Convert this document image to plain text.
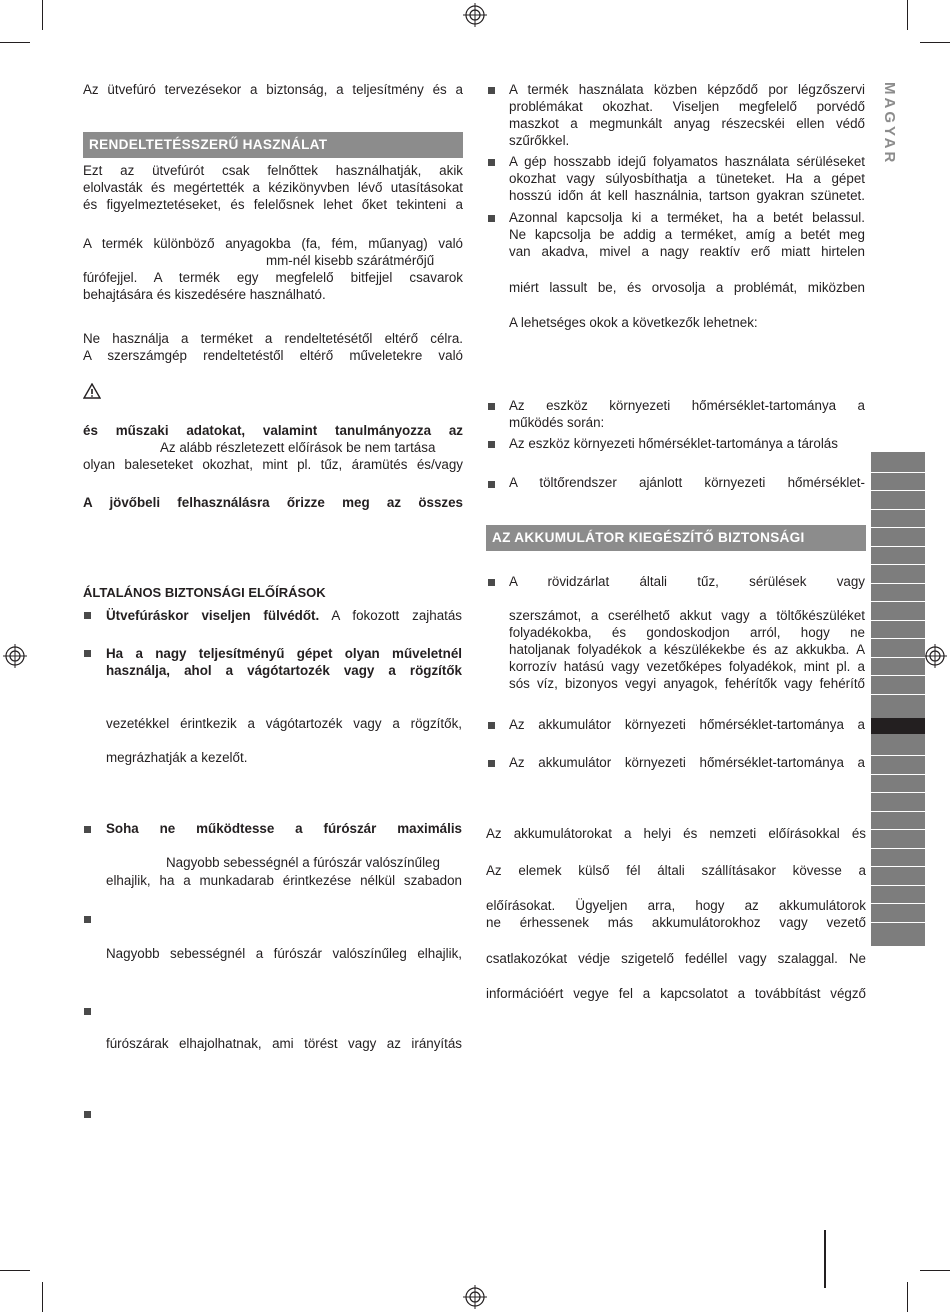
MAGYAR
Az ütvefúró tervezésekor a biztonság, a teljesítmény és a
RENDELTETÉSSZERŰ HASZNÁLAT
Ezt az ütvefúrót csak felnőttek használhatják, akik
elolvasták és megértették a kézikönyvben lévő utasításokat
és figyelmeztetéseket, és felelősnek lehet őket tekinteni a
A termék különböző anyagokba (fa, fém, műanyag) való
mm-nél kisebb szárátmérőjű
fúrófejjel. A termék egy megfelelő bitfejjel csavarok
behajtására és kiszedésére használható.
Ne használja a terméket a rendeltetésétől eltérő célra.
A szerszámgép rendeltetéstől eltérő műveletekre való
és műszaki adatokat, valamint tanulmányozza az
Az alább részletezett előírások be nem tartása
olyan baleseteket okozhat, mint pl. tűz, áramütés és/vagy
A jövőbeli felhasználásra őrizze meg az összes
ÁLTALÁNOS BIZTONSÁGI ELŐÍRÁSOK
Ütvefúráskor viseljen fülvédőt. A fokozott zajhatás
Ha a nagy teljesítményű gépet olyan műveletnél
használja, ahol a vágótartozék vagy a rögzítők
vezetékkel érintkezik a vágótartozék vagy a rögzítők,
megrázhatják a kezelőt.
Soha ne működtesse a fúrószár maximális
Nagyobb sebességnél a fúrószár valószínűleg
elhajlik, ha a munkadarab érintkezése nélkül szabadon
Nagyobb sebességnél a fúrószár valószínűleg elhajlik,
fúrószárak elhajolhatnak, ami törést vagy az irányítás
A termék használata közben képződő por légzőszervi
problémákat okozhat. Viseljen megfelelő porvédő
maszkot a megmunkált anyag részecskéi ellen védő
szűrőkkel.
A gép hosszabb idejű folyamatos használata sérüléseket
okozhat vagy súlyosbíthatja a tüneteket. Ha a gépet
hosszú időn át kell használnia, tartson gyakran szünetet.
Azonnal kapcsolja ki a terméket, ha a betét belassul.
Ne kapcsolja be addig a terméket, amíg a betét meg
van akadva, mivel a nagy reaktív erő miatt hirtelen
miért lassult be, és orvosolja a problémát, miközben
A lehetséges okok a következők lehetnek:
Az eszköz környezeti hőmérséklet-tartománya a
működés során:
Az eszköz környezeti hőmérséklet-tartománya a tárolás
A töltőrendszer ajánlott környezeti hőmérséklet-
AZ AKKUMULÁTOR KIEGÉSZÍTŐ BIZTONSÁGI
A rövidzárlat általi tűz, sérülések vagy
szerszámot, a cserélhető akkut vagy a töltőkészüléket
folyadékokba, és gondoskodjon arról, hogy ne
hatoljanak folyadékok a készülékekbe és az akkukba. A
korrozív hatású vagy vezetőképes folyadékok, mint pl. a
sós víz, bizonyos vegyi anyagok, fehérítők vagy fehérítő
Az akkumulátor környezeti hőmérséklet-tartománya a
Az akkumulátor környezeti hőmérséklet-tartománya a
Az akkumulátorokat a helyi és nemzeti előírásokkal és
Az elemek külső fél általi szállításakor kövesse a
előírásokat. Ügyeljen arra, hogy az akkumulátorok
ne érhessenek más akkumulátorokhoz vagy vezető
csatlakozókat védje szigetelő fedéllel vagy szalaggal. Ne
információért vegye fel a kapcsolatot a továbbítást végző
